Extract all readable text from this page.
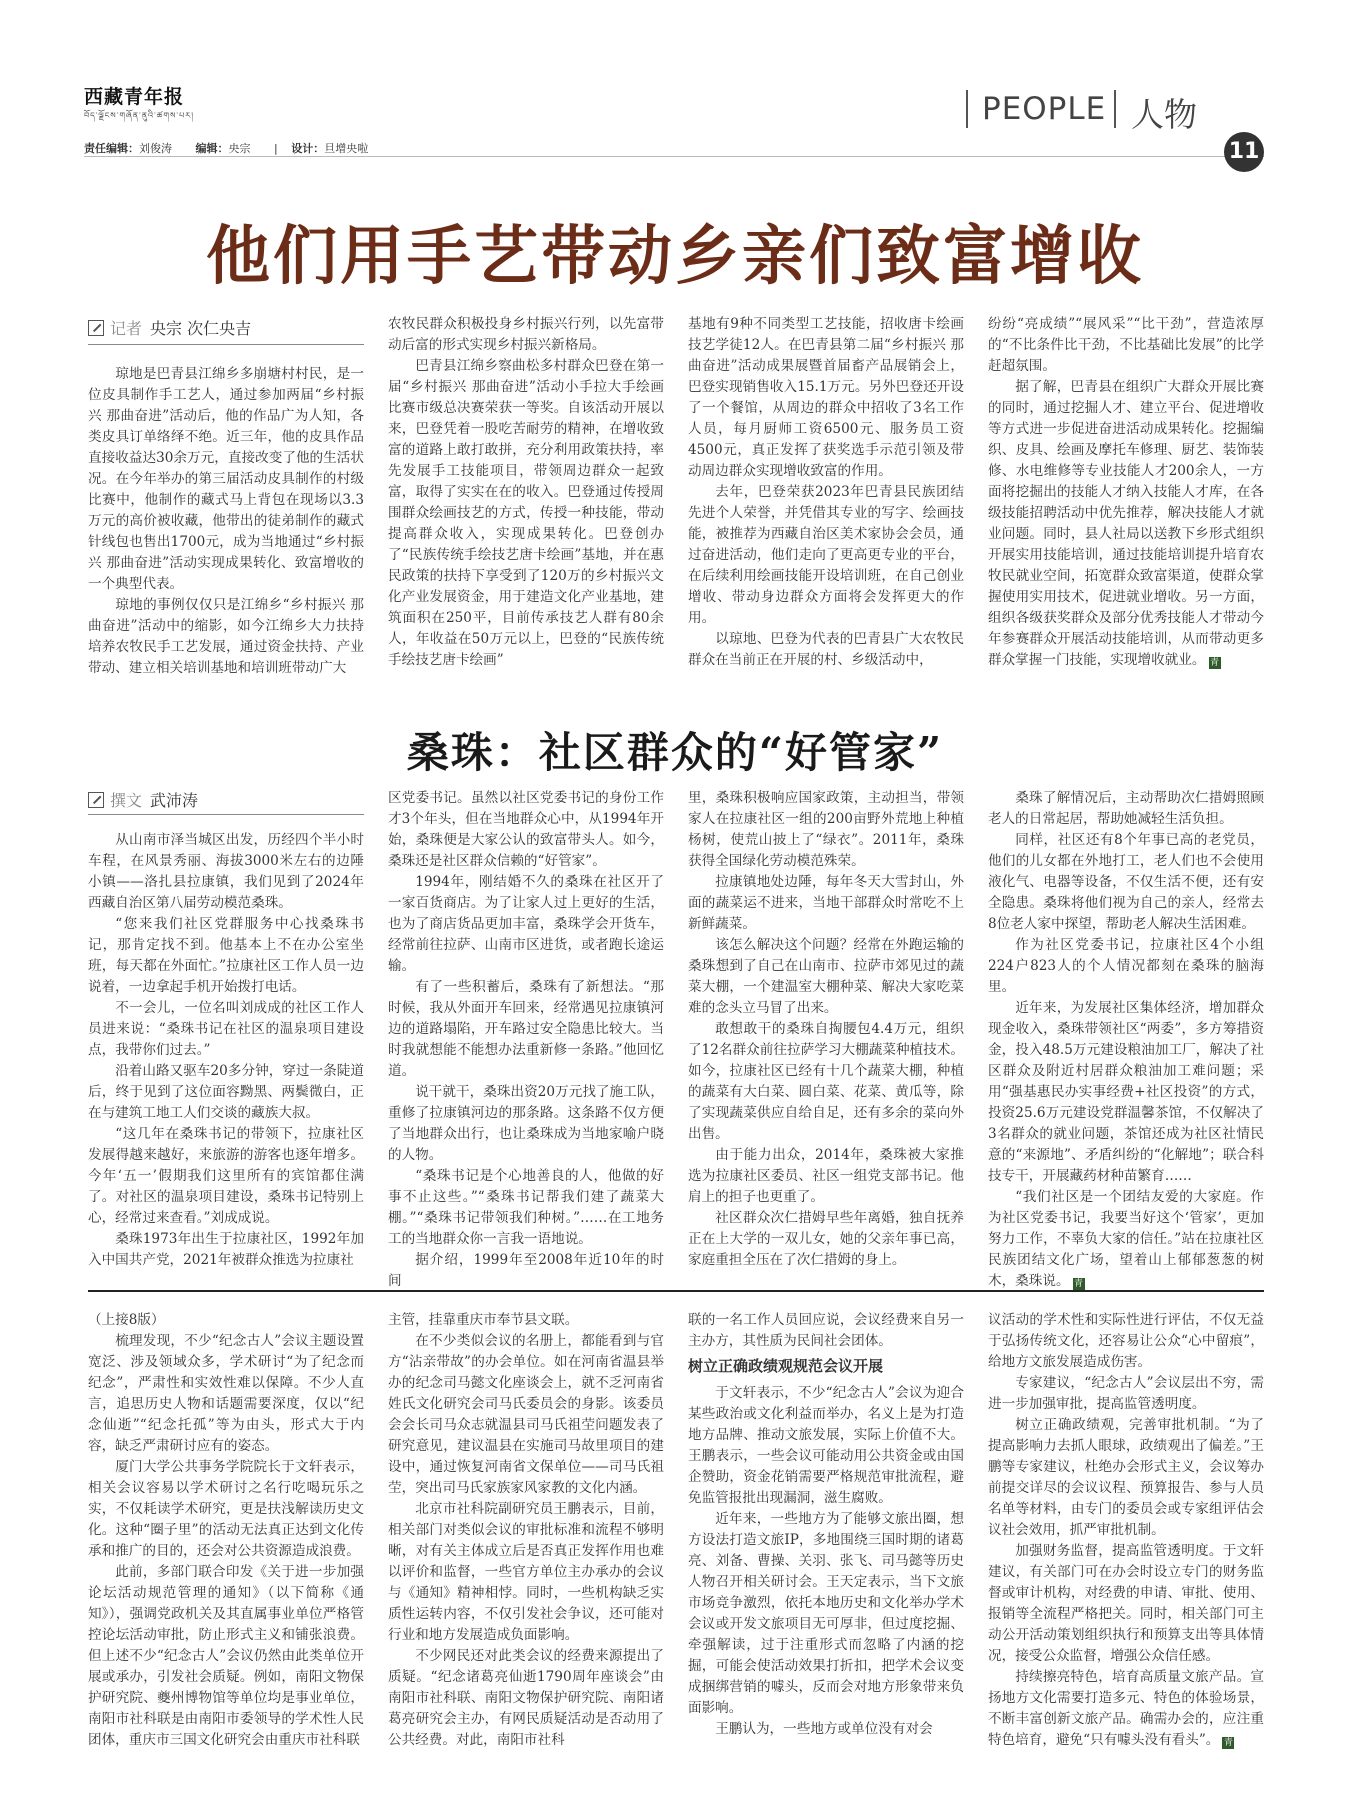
西藏青年报
བོད་ལྗོངས་གཞོན་ནུའི་ཚགས་པར།
责任编辑：刘俊涛 编辑：央宗 | 设计：旦增央啦
PEOPLE 人物
11
他们用手艺带动乡亲们致富增收
记者 央宗 次仁央吉

琼地是巴青县江绵乡多崩塘村村民，是一位皮具制作手工艺人，通过参加两届“乡村振兴 那曲奋进”活动后，他的作品广为人知，各类皮具订单络绎不绝。近三年，他的皮具作品直接收益达30余万元，直接改变了他的生活状况。在今年举办的第三届活动皮具制作的村级比赛中，他制作的藏式马上背包在现场以3.3万元的高价被收藏，他带出的徒弟制作的藏式针线包也售出1700元，成为当地通过“乡村振兴 那曲奋进”活动实现成果转化、致富增收的一个典型代表。

琼地的事例仅仅只是江绵乡“乡村振兴 那曲奋进”活动中的缩影，如今江绵乡大力扶持培养农牧民手工艺发展，通过资金扶持、产业带动、建立相关培训基地和培训班带动广大

农牧民群众积极投身乡村振兴行列，以先富带动后富的形式实现乡村振兴新格局。

巴青县江绵乡察曲松多村群众巴登在第一届“乡村振兴 那曲奋进”活动小手拉大手绘画比赛市级总决赛荣获一等奖。自该活动开展以来，巴登凭着一股吃苦耐劳的精神，在增收致富的道路上敢打敢拼，充分利用政策扶持，率先发展手工技能项目，带领周边群众一起致富，取得了实实在在的收入。巴登通过传授周围群众绘画技艺的方式，传授一种技能，带动提高群众收入，实现成果转化。巴登创办了“民族传统手绘技艺唐卡绘画”基地，并在惠民政策的扶持下享受到了120万的乡村振兴文化产业发展资金，用于建造文化产业基地，建筑面积在250平，目前传承技艺人群有80余人，年收益在50万元以上，巴登的“民族传统手绘技艺唐卡绘画”

基地有9种不同类型工艺技能，招收唐卡绘画技艺学徒12人。在巴青县第二届“乡村振兴 那曲奋进”活动成果展暨首届畜产品展销会上，巴登实现销售收入15.1万元。另外巴登还开设了一个餐馆，从周边的群众中招收了3名工作人员，每月厨师工资6500元、服务员工资4500元，真正发挥了获奖选手示范引领及带动周边群众实现增收致富的作用。

去年，巴登荣获2023年巴青县民族团结先进个人荣誉，并凭借其专业的写字、绘画技能，被推荐为西藏自治区美术家协会会员，通过奋进活动，他们走向了更高更专业的平台，在后续利用绘画技能开设培训班，在自己创业增收、带动身边群众方面将会发挥更大的作用。

以琼地、巴登为代表的巴青县广大农牧民群众在当前正在开展的村、乡级活动中，

纷纷“亮成绩”“展风采”“比干劲”，营造浓厚的“不比条件比干劲，不比基础比发展”的比学赶超氛围。

据了解，巴青县在组织广大群众开展比赛的同时，通过挖掘人才、建立平台、促进增收等方式进一步促进奋进活动成果转化。挖掘编织、皮具、绘画及摩托车修理、厨艺、装饰装修、水电维修等专业技能人才200余人，一方面将挖掘出的技能人才纳入技能人才库，在各级技能招聘活动中优先推荐，解决技能人才就业问题。同时，县人社局以送教下乡形式组织开展实用技能培训，通过技能培训提升培育农牧民就业空间，拓宽群众致富渠道，使群众掌握使用实用技术，促进就业增收。另一方面，组织各级获奖群众及部分优秀技能人才带动今年参赛群众开展活动技能培训，从而带动更多群众掌握一门技能，实现增收就业。 青

桑珠：社区群众的“好管家”
撰文 武沛涛

从山南市泽当城区出发，历经四个半小时车程，在风景秀丽、海拔3000米左右的边陲小镇——洛扎县拉康镇，我们见到了2024年西藏自治区第八届劳动模范桑珠。

“您来我们社区党群服务中心找桑珠书记，那肯定找不到。他基本上不在办公室坐班，每天都在外面忙。”拉康社区工作人员一边说着，一边拿起手机开始拨打电话。

不一会儿，一位名叫刘成成的社区工作人员进来说：“桑珠书记在社区的温泉项目建设点，我带你们过去。”

沿着山路又驱车20多分钟，穿过一条陡道后，终于见到了这位面容黝黑、两鬓微白，正在与建筑工地工人们交谈的藏族大叔。

“这几年在桑珠书记的带领下，拉康社区发展得越来越好，来旅游的游客也逐年增多。今年‘五一’假期我们这里所有的宾馆都住满了。对社区的温泉项目建设，桑珠书记特别上心，经常过来查看。”刘成成说。

桑珠1973年出生于拉康社区，1992年加入中国共产党，2021年被群众推选为拉康社

区党委书记。虽然以社区党委书记的身份工作才3个年头，但在当地群众心中，从1994年开始，桑珠便是大家公认的致富带头人。如今，桑珠还是社区群众信赖的“好管家”。

1994年，刚结婚不久的桑珠在社区开了一家百货商店。为了让家人过上更好的生活，也为了商店货品更加丰富，桑珠学会开货车，经常前往拉萨、山南市区进货，或者跑长途运输。

有了一些积蓄后，桑珠有了新想法。“那时候，我从外面开车回来，经常遇见拉康镇河边的道路塌陷，开车路过安全隐患比较大。当时我就想能不能想办法重新修一条路。”他回忆道。

说干就干，桑珠出资20万元找了施工队，重修了拉康镇河边的那条路。这条路不仅方便了当地群众出行，也让桑珠成为当地家喻户晓的人物。

“桑珠书记是个心地善良的人，他做的好事不止这些。”“桑珠书记帮我们建了蔬菜大棚。”“桑珠书记带领我们种树。”……在工地务工的当地群众你一言我一语地说。

据介绍，1999年至2008年近10年的时间

里，桑珠积极响应国家政策，主动担当，带领家人在拉康社区一组的200亩野外荒地上种植杨树，使荒山披上了“绿衣”。2011年，桑珠获得全国绿化劳动模范殊荣。

拉康镇地处边陲，每年冬天大雪封山，外面的蔬菜运不进来，当地干部群众时常吃不上新鲜蔬菜。

该怎么解决这个问题？经常在外跑运输的桑珠想到了自己在山南市、拉萨市郊见过的蔬菜大棚，一个建温室大棚种菜、解决大家吃菜难的念头立马冒了出来。

敢想敢干的桑珠自掏腰包4.4万元，组织了12名群众前往拉萨学习大棚蔬菜种植技术。如今，拉康社区已经有十几个蔬菜大棚，种植的蔬菜有大白菜、圆白菜、花菜、黄瓜等，除了实现蔬菜供应自给自足，还有多余的菜向外出售。

由于能力出众，2014年，桑珠被大家推选为拉康社区委员、社区一组党支部书记。他肩上的担子也更重了。

社区群众次仁措姆早些年离婚，独自抚养正在上大学的一双儿女，她的父亲年事已高，家庭重担全压在了次仁措姆的身上。

桑珠了解情况后，主动帮助次仁措姆照顾老人的日常起居，帮助她减轻生活负担。

同样，社区还有8个年事已高的老党员，他们的儿女都在外地打工，老人们也不会使用液化气、电器等设备，不仅生活不便，还有安全隐患。桑珠将他们视为自己的亲人，经常去8位老人家中探望，帮助老人解决生活困难。

作为社区党委书记，拉康社区4个小组224户823人的个人情况都刻在桑珠的脑海里。

近年来，为发展社区集体经济，增加群众现金收入，桑珠带领社区“两委”，多方筹措资金，投入48.5万元建设粮油加工厂，解决了社区群众及附近村居群众粮油加工难问题；采用“强基惠民办实事经费+社区投资”的方式，投资25.6万元建设党群温馨茶馆，不仅解决了3名群众的就业问题，茶馆还成为社区社情民意的“来源地”、矛盾纠纷的“化解地”；联合科技专干，开展藏药材种苗繁育……

“我们社区是一个团结友爱的大家庭。作为社区党委书记，我要当好这个‘管家’，更加努力工作，不辜负大家的信任。”站在拉康社区民族团结文化广场，望着山上郁郁葱葱的树木，桑珠说。 青

（上接8版）

梳理发现，不少“纪念古人”会议主题设置宽泛、涉及领域众多，学术研讨“为了纪念而纪念”，严肃性和实效性难以保障。不少人直言，追思历史人物和话题需要深度，仅以“纪念仙逝”“纪念托孤”等为由头，形式大于内容，缺乏严肃研讨应有的姿态。

厦门大学公共事务学院院长于文轩表示，相关会议容易以学术研讨之名行吃喝玩乐之实，不仅耗读学术研究，更是扶浅解读历史文化。这种“圈子里”的活动无法真正达到文化传承和推广的目的，还会对公共资源造成浪费。

此前，多部门联合印发《关于进一步加强论坛活动规范管理的通知》（以下简称《通知》），强调党政机关及其直属事业单位严格管控论坛活动审批，防止形式主义和铺张浪费。但上述不少“纪念古人”会议仍然由此类单位开展或承办，引发社会质疑。例如，南阳文物保护研究院、夔州博物馆等单位均是事业单位，南阳市社科联是由南阳市委领导的学术性人民团体，重庆市三国文化研究会由重庆市社科联

主管，挂靠重庆市奉节县文联。

在不少类似会议的名册上，都能看到与官方“沾亲带故”的办会单位。如在河南省温县举办的纪念司马懿文化座谈会上，就不乏河南省姓氏文化研究会司马氏委员会的身影。该委员会会长司马众志就温县司马氏祖茔问题发表了研究意见，建议温县在实施司马故里项目的建设中，通过恢复河南省文保单位——司马氏祖茔，突出司马氏家族家风家教的文化内涵。

北京市社科院副研究员王鹏表示，目前，相关部门对类似会议的审批标准和流程不够明晰，对有关主体成立后是否真正发挥作用也难以评价和监督，一些官方单位主办承办的会议与《通知》精神相悖。同时，一些机构缺乏实质性运转内容，不仅引发社会争议，还可能对行业和地方发展造成负面影响。

不少网民还对此类会议的经费来源提出了质疑。“纪念诸葛亮仙逝1790周年座谈会”由南阳市社科联、南阳文物保护研究院、南阳诸葛亮研究会主办，有网民质疑活动是否动用了公共经费。对此，南阳市社科

联的一名工作人员回应说，会议经费来自另一主办方，其性质为民间社会团体。

树立正确政绩观规范会议开展

于文轩表示，不少“纪念古人”会议为迎合某些政治或文化利益而举办，名义上是为打造地方品牌、推动文旅发展，实际上价值不大。王鹏表示，一些会议可能动用公共资金或由国企赞助，资金花销需要严格规范审批流程，避免监管报批出现漏洞，滋生腐败。

近年来，一些地方为了能够文旅出圈，想方设法打造文旅IP，多地围绕三国时期的诸葛亮、刘备、曹操、关羽、张飞、司马懿等历史人物召开相关研讨会。王天定表示，当下文旅市场竞争激烈，依托本地历史和文化举办学术会议或开发文旅项目无可厚非，但过度挖掘、牵强解读，过于注重形式而忽略了内涵的挖掘，可能会使活动效果打折扣，把学术会议变成捆绑营销的噱头，反而会对地方形象带来负面影响。

王鹏认为，一些地方或单位没有对会

议活动的学术性和实际性进行评估，不仅无益于弘扬传统文化，还容易让公众“心中留痕”，给地方文旅发展造成伤害。

专家建议，“纪念古人”会议层出不穷，需进一步加强审批，提高监管透明度。

树立正确政绩观，完善审批机制。“为了提高影响力去抓人眼球，政绩观出了偏差。”王鹏等专家建议，杜绝办会形式主义，会议筹办前提交详尽的会议议程、预算报告、参与人员名单等材料，由专门的委员会或专家组评估会议社会效用，抓严审批机制。

加强财务监督，提高监管透明度。于文轩建议，有关部门可在办会时设立专门的财务监督或审计机构，对经费的申请、审批、使用、报销等全流程严格把关。同时，相关部门可主动公开活动策划组织执行和预算支出等具体情况，接受公众监督，增强公众信任感。

持续擦亮特色，培育高质量文旅产品。宣扬地方文化需要打造多元、特色的体验场景，不断丰富创新文旅产品。确需办会的，应注重特色培育，避免“只有噱头没有看头”。 青
